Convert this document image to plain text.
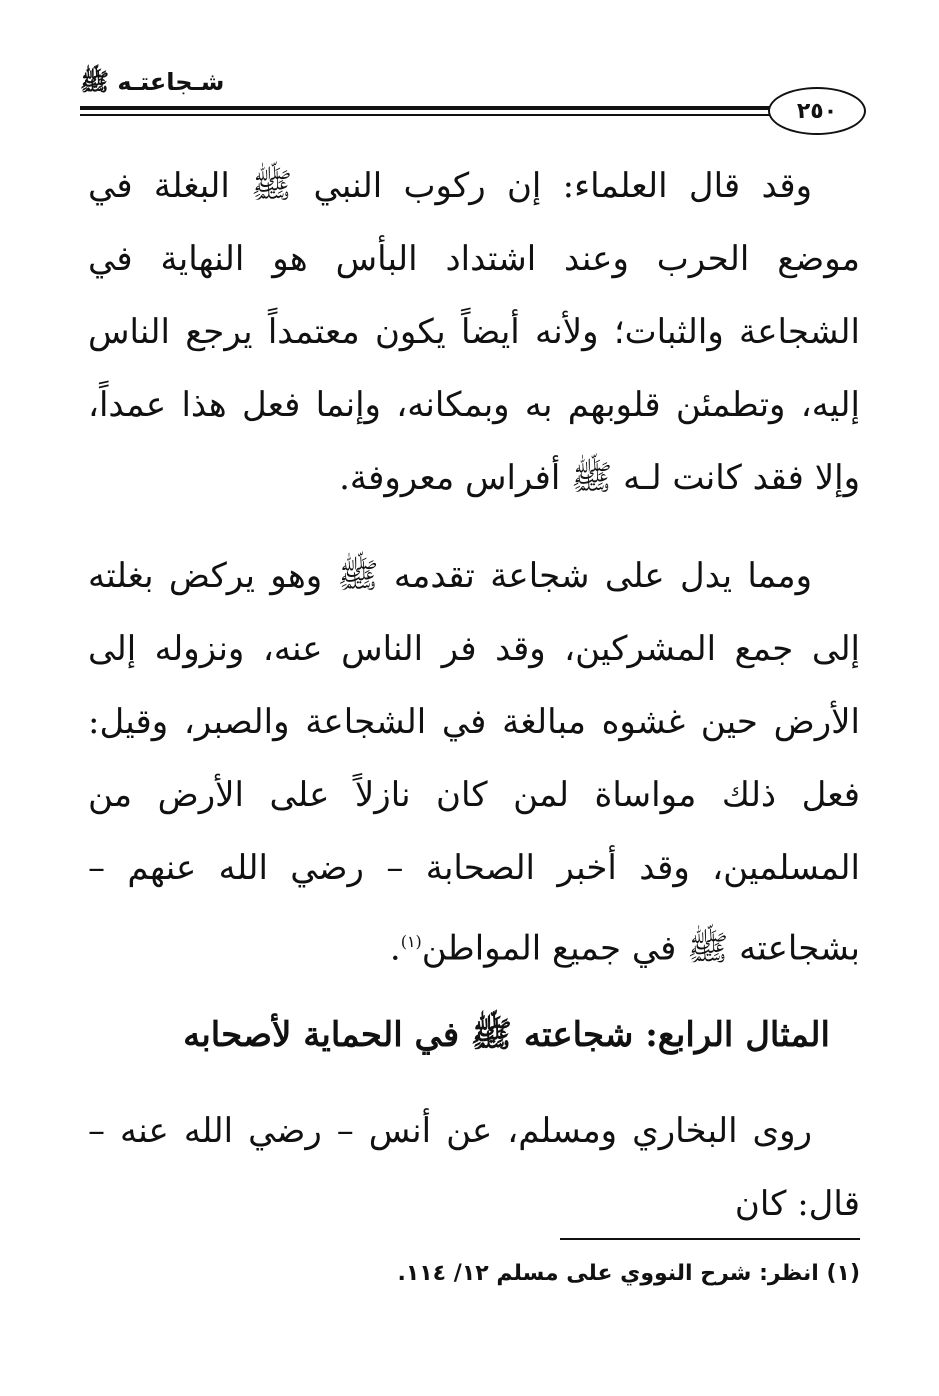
شـجاعتـه ﷺ
٢٥٠

وقد قال العلماء: إن ركوب النبي ﷺ البغلة في موضع الحرب وعند اشتداد البأس هو النهاية في الشجاعة والثبات؛ ولأنه أيضاً يكون معتمداً يرجع الناس إليه، وتطمئن قلوبهم به وبمكانه، وإنما فعل هذا عمداً، وإلا فقد كانت لـه ﷺ أفراس معروفة.

ومما يدل على شجاعة تقدمه ﷺ وهو يركض بغلته إلى جمع المشركين، وقد فر الناس عنه، ونزوله إلى الأرض حين غشوه مبالغة في الشجاعة والصبر، وقيل: فعل ذلك مواساة لمن كان نازلاً على الأرض من المسلمين، وقد أخبر الصحابة – رضي الله عنهم – بشجاعته ﷺ في جميع المواطن$^{(١)}$.

المثال الرابع: شجاعته ﷺ في الحماية لأصحابه

روى البخاري ومسلم، عن أنس – رضي الله عنه – قال: كان

(١) انظر: شرح النووي على مسلم ١٢/ ١١٤.
